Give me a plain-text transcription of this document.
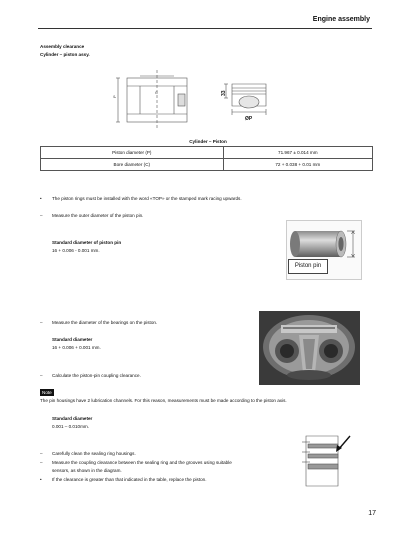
Engine assembly
Assembly clearance
Cylinder – piston assy.
P
C	33
ØP
Cylinder – Piston
Piston diameter (P)	71.967 ± 0.014 mm
Bore diameter (C)	72 + 0.038 + 0.01 mm
• The piston rings must be installed with the word «TOP» or the stamped mark racing upwards.
– Measure the outer diameter of the piston pin.
Standard diameter of piston pin
16 + 0.006 - 0.001 mm.
Piston pin
– Measure the diameter of the bearings on the piston.
Standard diameter
16 + 0.006 + 0.001 mm.
– Calculate the piston-pin coupling clearance.
Note
The pin housings have 2 lubrication channels. For this reason, measurements must be made according to the piston axis.
Standard diameter
0.001 – 0.010mm.
– Carefully clean the sealing ring housings.
– Measure the coupling clearance between the sealing ring and the grooves using suitable
sensors, as shown in the diagram.
• If the clearance is greater than that indicated in the table, replace the piston.
17
